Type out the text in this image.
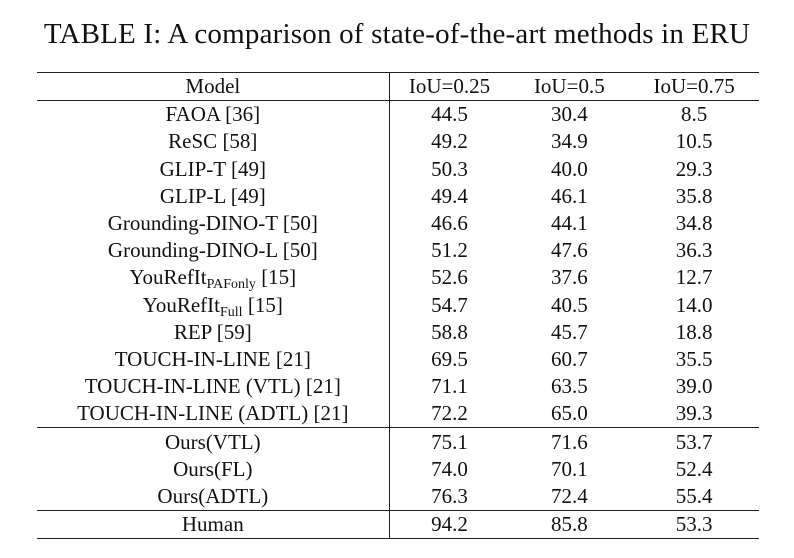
TABLE I: A comparison of state-of-the-art methods in ERU
Model	IoU=0.25	IoU=0.5	IoU=0.75
FAOA [36]	44.5	30.4	8.5
ReSC [58]	49.2	34.9	10.5
GLIP-T [49]	50.3	40.0	29.3
GLIP-L [49]	49.4	46.1	35.8
Grounding-DINO-T [50]	46.6	44.1	34.8
Grounding-DINO-L [50]	51.2	47.6	36.3
YouRefIt$_{PAFonly}$ [15]	52.6	37.6	12.7
YouRefIt$_{Full}$ [15]	54.7	40.5	14.0
REP [59]	58.8	45.7	18.8
TOUCH-IN-LINE [21]	69.5	60.7	35.5
TOUCH-IN-LINE (VTL) [21]	71.1	63.5	39.0
TOUCH-IN-LINE (ADTL) [21]	72.2	65.0	39.3
Ours(VTL)	75.1	71.6	53.7
Ours(FL)	74.0	70.1	52.4
Ours(ADTL)	76.3	72.4	55.4
Human	94.2	85.8	53.3
